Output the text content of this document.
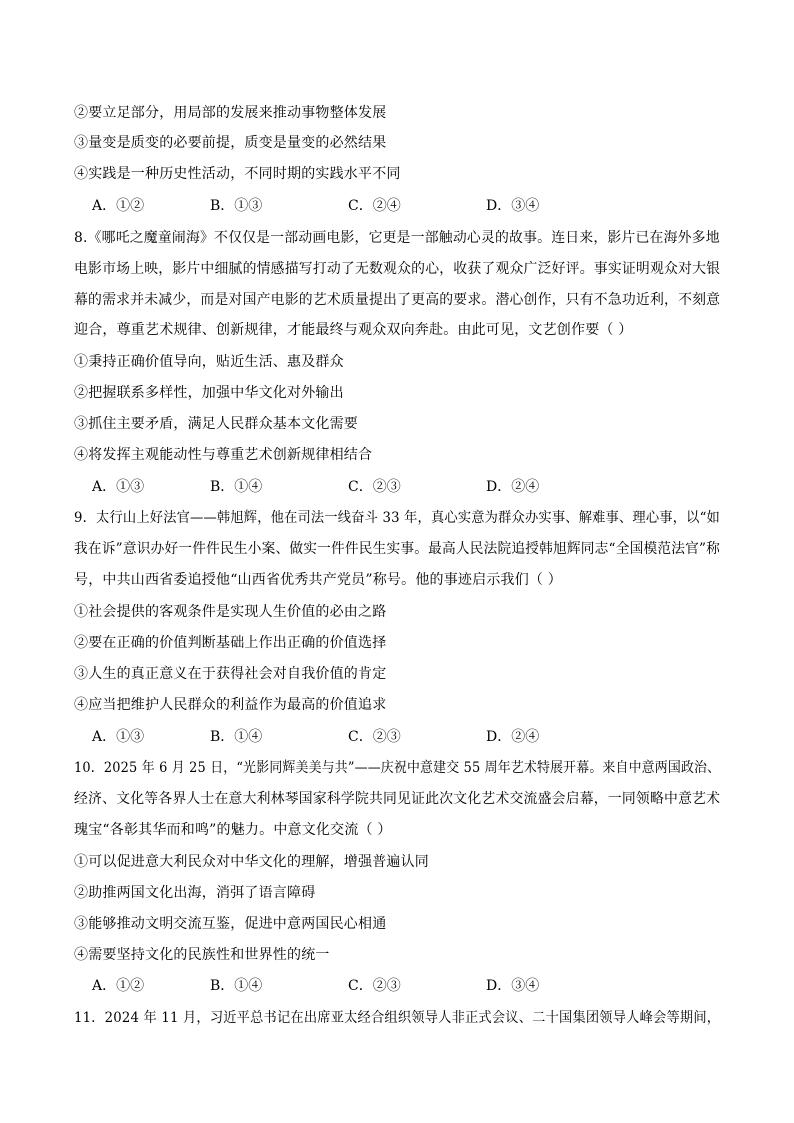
②要立足部分，用局部的发展来推动事物整体发展
③量变是质变的必要前提，质变是量变的必然结果
④实践是一种历史性活动，不同时期的实践水平不同
A．①②	B．①③	C．②④	D．③④
8.《哪吒之魔童闹海》不仅仅是一部动画电影，它更是一部触动心灵的故事。连日来，影片已在海外多地
电影市场上映，影片中细腻的情感描写打动了无数观众的心，收获了观众广泛好评。事实证明观众对大银
幕的需求并未减少，而是对国产电影的艺术质量提出了更高的要求。潜心创作，只有不急功近利，不刻意
迎合，尊重艺术规律、创新规律，才能最终与观众双向奔赴。由此可见，文艺创作要（ ）
①秉持正确价值导向，贴近生活、惠及群众
②把握联系多样性，加强中华文化对外输出
③抓住主要矛盾，满足人民群众基本文化需要
④将发挥主观能动性与尊重艺术创新规律相结合
A．①③	B．①④	C．②③	D．②④
9．太行山上好法官——韩旭辉，他在司法一线奋斗 33 年，真心实意为群众办实事、解难事、理心事，以“如
我在诉”意识办好一件件民生小案、做实一件件民生实事。最高人民法院追授韩旭辉同志“全国模范法官”称
号，中共山西省委追授他“山西省优秀共产党员”称号。他的事迹启示我们（ ）
①社会提供的客观条件是实现人生价值的必由之路
②要在正确的价值判断基础上作出正确的价值选择
③人生的真正意义在于获得社会对自我价值的肯定
④应当把维护人民群众的利益作为最高的价值追求
A．①③	B．①④	C．②③	D．②④
10．2025 年 6 月 25 日，“光影同辉美美与共”——庆祝中意建交 55 周年艺术特展开幕。来自中意两国政治、
经济、文化等各界人士在意大利林琴国家科学院共同见证此次文化艺术交流盛会启幕，一同领略中意艺术
瑰宝“各彰其华而和鸣”的魅力。中意文化交流（ ）
①可以促进意大利民众对中华文化的理解，增强普遍认同
②助推两国文化出海，消弭了语言障碍
③能够推动文明交流互鉴，促进中意两国民心相通
④需要坚持文化的民族性和世界性的统一
A．①②	B．①④	C．②③	D．③④
11．2024 年 11 月，习近平总书记在出席亚太经合组织领导人非正式会议、二十国集团领导人峰会等期间，
